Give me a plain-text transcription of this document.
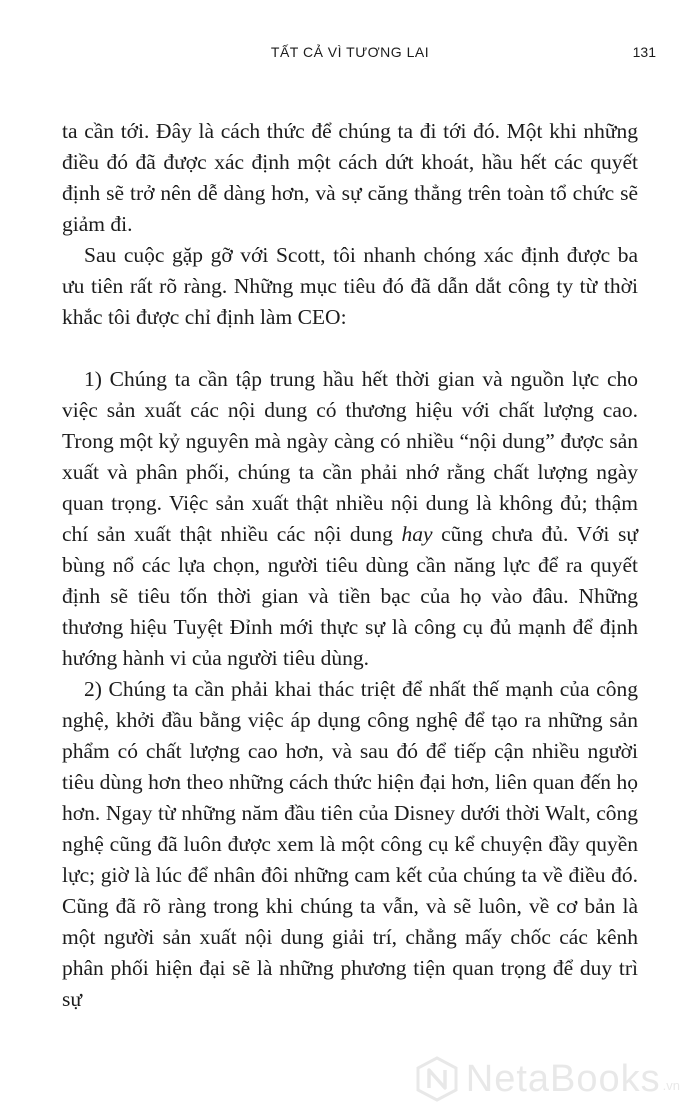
TẤT CẢ VÌ TƯƠNG LAI	131

ta cần tới. Đây là cách thức để chúng ta đi tới đó. Một khi những điều đó đã được xác định một cách dứt khoát, hầu hết các quyết định sẽ trở nên dễ dàng hơn, và sự căng thẳng trên toàn tổ chức sẽ giảm đi.

Sau cuộc gặp gỡ với Scott, tôi nhanh chóng xác định được ba ưu tiên rất rõ ràng. Những mục tiêu đó đã dẫn dắt công ty từ thời khắc tôi được chỉ định làm CEO:

1) Chúng ta cần tập trung hầu hết thời gian và nguồn lực cho việc sản xuất các nội dung có thương hiệu với chất lượng cao. Trong một kỷ nguyên mà ngày càng có nhiều “nội dung” được sản xuất và phân phối, chúng ta cần phải nhớ rằng chất lượng ngày quan trọng. Việc sản xuất thật nhiều nội dung là không đủ; thậm chí sản xuất thật nhiều các nội dung hay cũng chưa đủ. Với sự bùng nổ các lựa chọn, người tiêu dùng cần năng lực để ra quyết định sẽ tiêu tốn thời gian và tiền bạc của họ vào đâu. Những thương hiệu Tuyệt Đỉnh mới thực sự là công cụ đủ mạnh để định hướng hành vi của người tiêu dùng.

2) Chúng ta cần phải khai thác triệt để nhất thế mạnh của công nghệ, khởi đầu bằng việc áp dụng công nghệ để tạo ra những sản phẩm có chất lượng cao hơn, và sau đó để tiếp cận nhiều người tiêu dùng hơn theo những cách thức hiện đại hơn, liên quan đến họ hơn. Ngay từ những năm đầu tiên của Disney dưới thời Walt, công nghệ cũng đã luôn được xem là một công cụ kể chuyện đầy quyền lực; giờ là lúc để nhân đôi những cam kết của chúng ta về điều đó. Cũng đã rõ ràng trong khi chúng ta vẫn, và sẽ luôn, về cơ bản là một người sản xuất nội dung giải trí, chẳng mấy chốc các kênh phân phối hiện đại sẽ là những phương tiện quan trọng để duy trì sự

NetaBooks .vn
